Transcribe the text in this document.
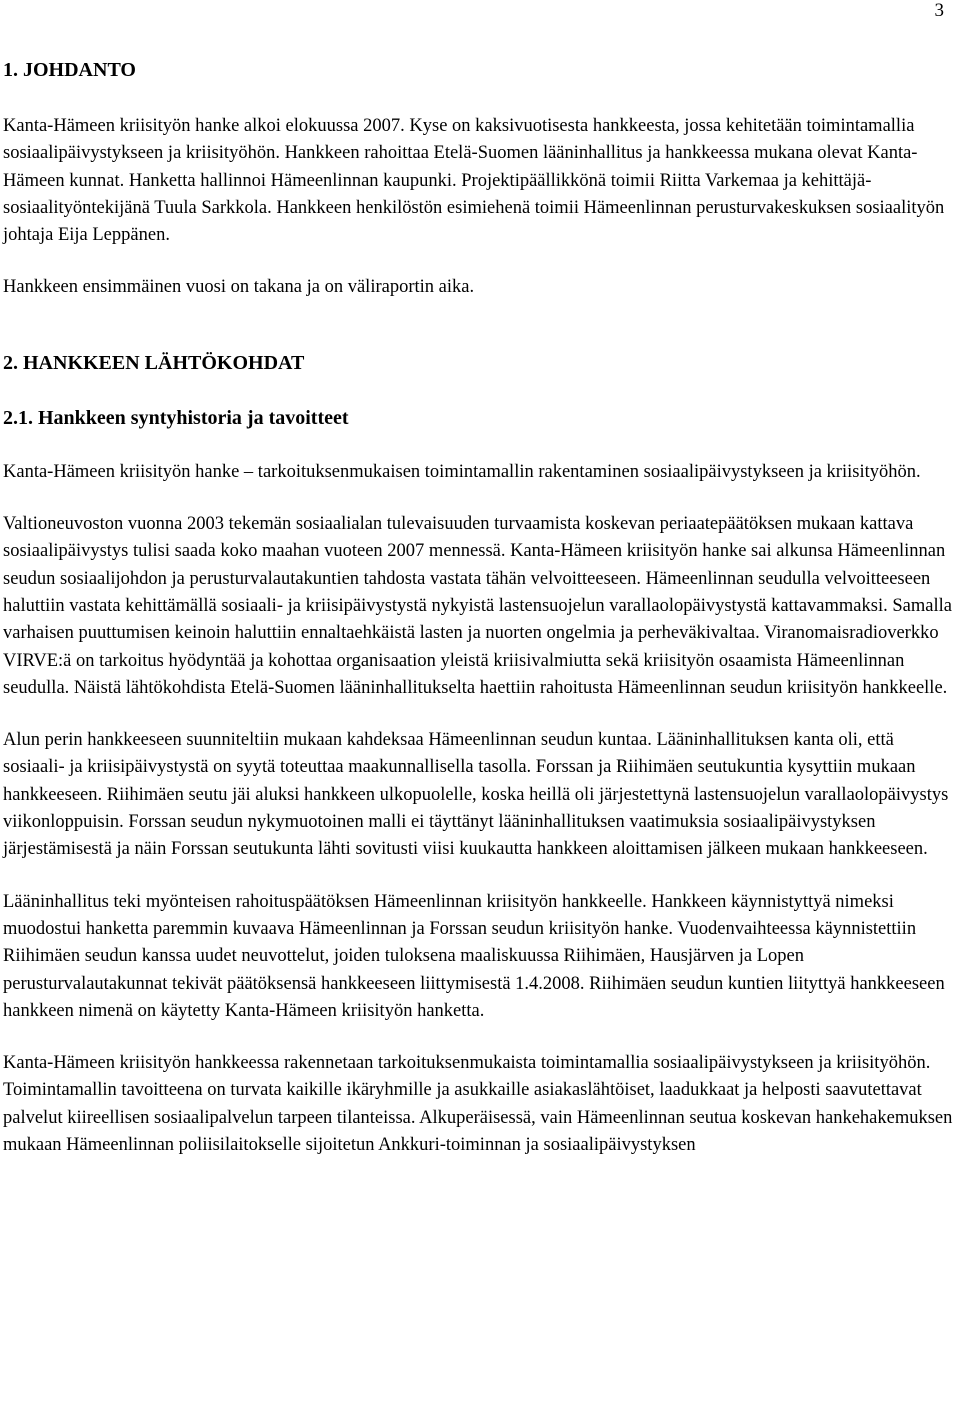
3
1. JOHDANTO

Kanta-Hämeen kriisityön hanke alkoi elokuussa 2007. Kyse on kaksivuotisesta hankkeesta, jossa kehitetään toimintamallia sosiaalipäivystykseen ja kriisityöhön. Hankkeen rahoittaa Etelä-Suomen lääninhallitus ja hankkeessa mukana olevat Kanta-Hämeen kunnat. Hanketta hallinnoi Hämeenlinnan kaupunki. Projektipäällikkönä toimii Riitta Varkemaa ja kehittäjä-sosiaalityöntekijänä Tuula Sarkkola. Hankkeen henkilöstön esimiehenä toimii Hämeenlinnan perusturvakeskuksen sosiaalityön johtaja Eija Leppänen.

Hankkeen ensimmäinen vuosi on takana ja on väliraportin aika.

2. HANKKEEN LÄHTÖKOHDAT
2.1. Hankkeen syntyhistoria ja tavoitteet

Kanta-Hämeen kriisityön hanke – tarkoituksenmukaisen toimintamallin rakentaminen sosiaalipäivystykseen ja kriisityöhön.

Valtioneuvoston vuonna 2003 tekemän sosiaalialan tulevaisuuden turvaamista koskevan periaatepäätöksen mukaan kattava sosiaalipäivystys tulisi saada koko maahan vuoteen 2007 mennessä. Kanta-Hämeen kriisityön hanke sai alkunsa Hämeenlinnan seudun sosiaalijohdon ja perusturvalautakuntien tahdosta vastata tähän velvoitteeseen. Hämeenlinnan seudulla velvoitteeseen haluttiin vastata kehittämällä sosiaali- ja kriisipäivystystä nykyistä lastensuojelun varallaolopäivystystä kattavammaksi. Samalla varhaisen puuttumisen keinoin haluttiin ennaltaehkäistä lasten ja nuorten ongelmia ja perheväkivaltaa. Viranomaisradioverkko VIRVE:ä on tarkoitus hyödyntää ja kohottaa organisaation yleistä kriisivalmiutta sekä kriisityön osaamista Hämeenlinnan seudulla. Näistä lähtökohdista Etelä-Suomen lääninhallitukselta haettiin rahoitusta Hämeenlinnan seudun kriisityön hankkeelle.

Alun perin hankkeeseen suunniteltiin mukaan kahdeksaa Hämeenlinnan seudun kuntaa. Lääninhallituksen kanta oli, että sosiaali- ja kriisipäivystystä on syytä toteuttaa maakunnallisella tasolla. Forssan ja Riihimäen seutukuntia kysyttiin mukaan hankkeeseen. Riihimäen seutu jäi aluksi hankkeen ulkopuolelle, koska heillä oli järjestettynä lastensuojelun varallaolopäivystys viikonloppuisin. Forssan seudun nykymuotoinen malli ei täyttänyt lääninhallituksen vaatimuksia sosiaalipäivystyksen järjestämisestä ja näin Forssan seutukunta lähti sovitusti viisi kuukautta hankkeen aloittamisen jälkeen mukaan hankkeeseen.

Lääninhallitus teki myönteisen rahoituspäätöksen Hämeenlinnan kriisityön hankkeelle. Hankkeen käynnistyttyä nimeksi muodostui hanketta paremmin kuvaava Hämeenlinnan ja Forssan seudun kriisityön hanke. Vuodenvaihteessa käynnistettiin Riihimäen seudun kanssa uudet neuvottelut, joiden tuloksena maaliskuussa Riihimäen, Hausjärven ja Lopen perusturvalautakunnat tekivät päätöksensä hankkeeseen liittymisestä 1.4.2008. Riihimäen seudun kuntien liityttyä hankkeeseen hankkeen nimenä on käytetty Kanta-Hämeen kriisityön hanketta.

Kanta-Hämeen kriisityön hankkeessa rakennetaan tarkoituksenmukaista toimintamallia sosiaalipäivystykseen ja kriisityöhön. Toimintamallin tavoitteena on turvata kaikille ikäryhmille ja asukkaille asiakaslähtöiset, laadukkaat ja helposti saavutettavat palvelut kiireellisen sosiaalipalvelun tarpeen tilanteissa. Alkuperäisessä, vain Hämeenlinnan seutua koskevan hankehakemuksen mukaan Hämeenlinnan poliisilaitokselle sijoitetun Ankkuri-toiminnan ja sosiaalipäivystyksen
